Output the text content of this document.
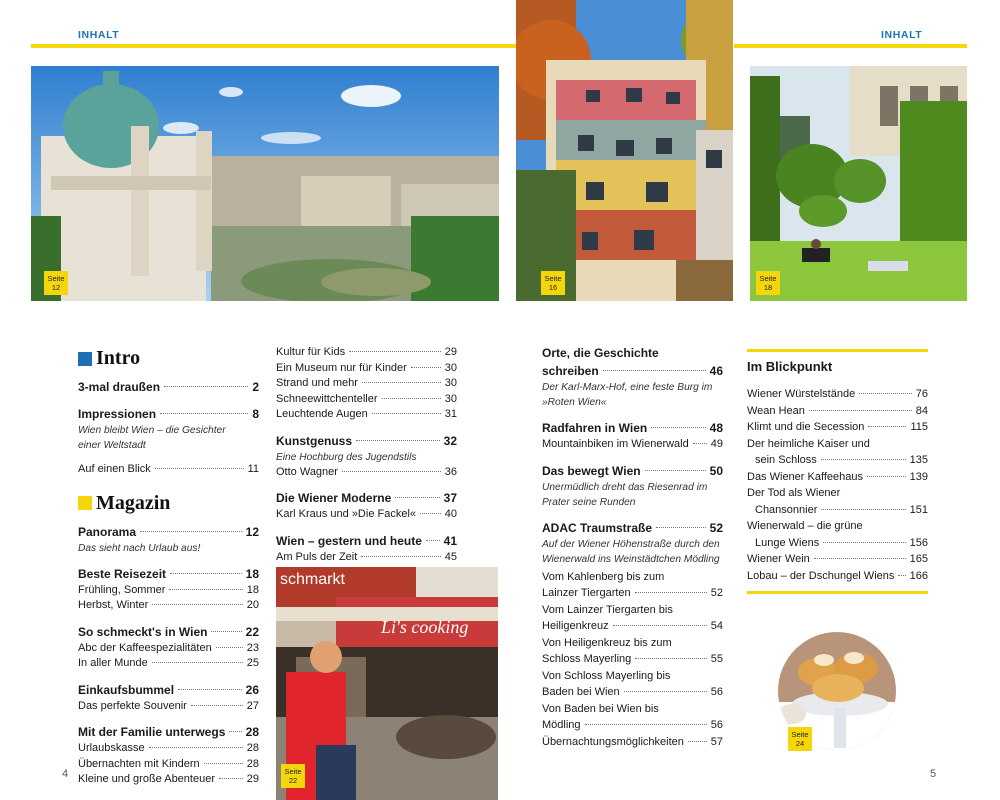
INHALT	INHALT
Seite
12
Seite
16
Seite
18
schmarkt
Li's cooking
Seite
22
Seite
24
Intro
3-mal draußen	2
Impressionen	8
Wien bleibt Wien – die Gesichter
einer Weltstadt
Auf einen Blick	11
Magazin
Panorama	12
Das sieht nach Urlaub aus!
Beste Reisezeit	18
Frühling, Sommer	18
Herbst, Winter	20
So schmeckt's in Wien	22
Abc der Kaffeespezialitäten	23
In aller Munde	25
Einkaufsbummel	26
Das perfekte Souvenir	27
Mit der Familie unterwegs 28
Urlaubskasse	28
Übernachten mit Kindern	28
Kleine und große Abenteuer	29
Kultur für Kids	29
Ein Museum nur für Kinder	30
Strand und mehr	30
Schneewittchenteller	30
Leuchtende Augen	31
Kunstgenuss	32
Eine Hochburg des Jugendstils
Otto Wagner	36
Die Wiener Moderne	37
Karl Kraus und »Die Fackel«	40
Wien – gestern und heute 41
Am Puls der Zeit	45
Orte, die Geschichte
schreiben	46
Der Karl-Marx-Hof, eine feste Burg im
»Roten Wien«
Radfahren in Wien	48
Mountainbiken im Wienerwald 49
Das bewegt Wien	50
Unermüdlich dreht das Riesenrad im
Prater seine Runden
ADAC Traumstraße	52
Auf der Wiener Höhenstraße durch den
Wienerwald ins Weinstädtchen Mödling
Vom Kahlenberg bis zum
Lainzer Tiergarten	52
Vom Lainzer Tiergarten bis
Heiligenkreuz	54
Von Heiligenkreuz bis zum
Schloss Mayerling	55
Von Schloss Mayerling bis
Baden bei Wien	56
Von Baden bei Wien bis
Mödling	56
Übernachtungsmöglichkeiten 57
Im Blickpunkt
Wiener Würstelstände	76
Wean Hean	84
Klimt und die Secession	115
Der heimliche Kaiser und
sein Schloss	135
Das Wiener Kaffeehaus	139
Der Tod als Wiener
Chansonnier	151
Wienerwald – die grüne
Lunge Wiens	156
Wiener Wein	165
Lobau – der Dschungel Wiens 166
4	5
